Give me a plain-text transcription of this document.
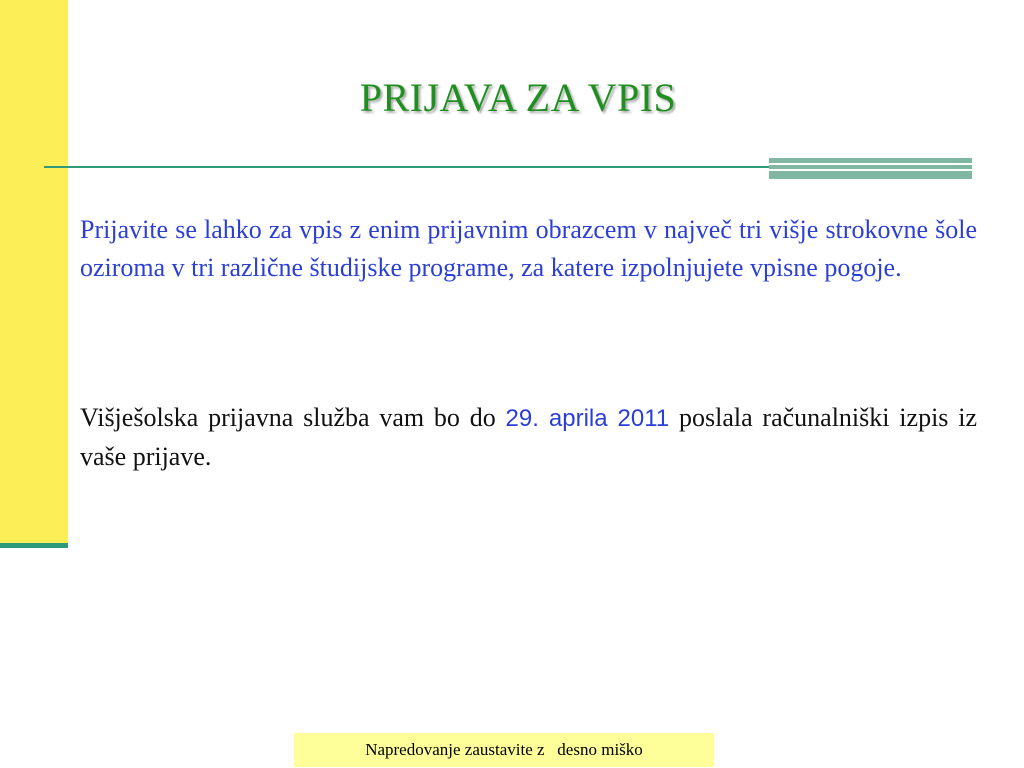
PRIJAVA ZA VPIS

Prijavite se lahko za vpis z enim prijavnim obrazcem v največ tri višje strokovne šole oziroma v tri različne študijske programe, za katere izpolnjujete vpisne pogoje.

Višješolska prijavna služba vam bo do 29. aprila 2011 poslala računalniški izpis iz vaše prijave.

Napredovanje zaustavite z   desno miško
